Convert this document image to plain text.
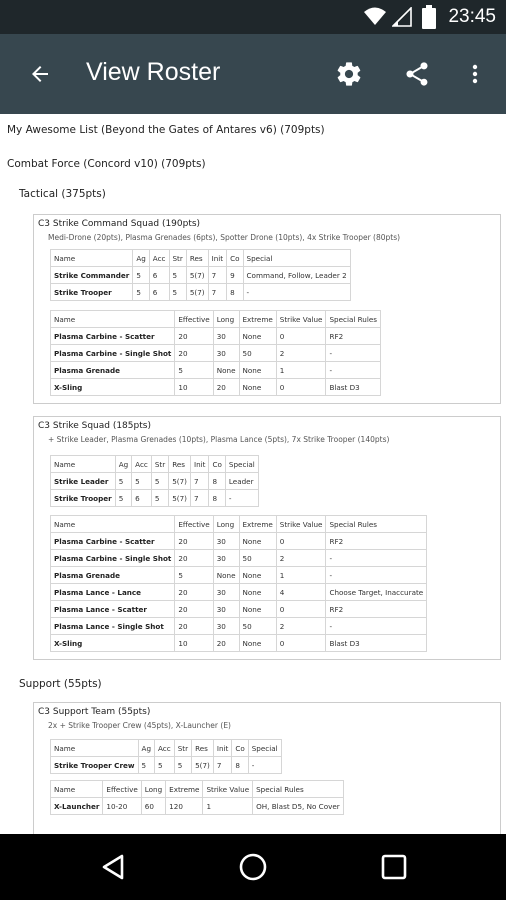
23:45
View Roster
My Awesome List (Beyond the Gates of Antares v6) (709pts)
Combat Force (Concord v10) (709pts)
Tactical (375pts)
C3 Strike Command Squad (190pts)
Medi-Drone (20pts), Plasma Grenades (6pts), Spotter Drone (10pts), 4x Strike Trooper (80pts)
Name	Ag	Acc	Str	Res	Init	Co	Special
Strike Commander	5	6	5	5(7)	7	9	Command, Follow, Leader 2
Strike Trooper	5	6	5	5(7)	7	8	-
Name	Effective	Long	Extreme	Strike Value	Special Rules
Plasma Carbine - Scatter	20	30	None	0	RF2
Plasma Carbine - Single Shot	20	30	50	2	-
Plasma Grenade	5	None	None	1	-
X-Sling	10	20	None	0	Blast D3
C3 Strike Squad (185pts)
+ Strike Leader, Plasma Grenades (10pts), Plasma Lance (5pts), 7x Strike Trooper (140pts)
Name	Ag	Acc	Str	Res	Init	Co	Special
Strike Leader	5	5	5	5(7)	7	8	Leader
Strike Trooper	5	6	5	5(7)	7	8	-
Name	Effective	Long	Extreme	Strike Value	Special Rules
Plasma Carbine - Scatter	20	30	None	0	RF2
Plasma Carbine - Single Shot	20	30	50	2	-
Plasma Grenade	5	None	None	1	-
Plasma Lance - Lance	20	30	None	4	Choose Target, Inaccurate
Plasma Lance - Scatter	20	30	None	0	RF2
Plasma Lance - Single Shot	20	30	50	2	-
X-Sling	10	20	None	0	Blast D3
Support (55pts)
C3 Support Team (55pts)
2x + Strike Trooper Crew (45pts), X-Launcher (E)
Name	Ag	Acc	Str	Res	Init	Co	Special
Strike Trooper Crew	5	5	5	5(7)	7	8	-
Name	Effective	Long	Extreme	Strike Value	Special Rules
X-Launcher	10-20	60	120	1	OH, Blast D5, No Cover
